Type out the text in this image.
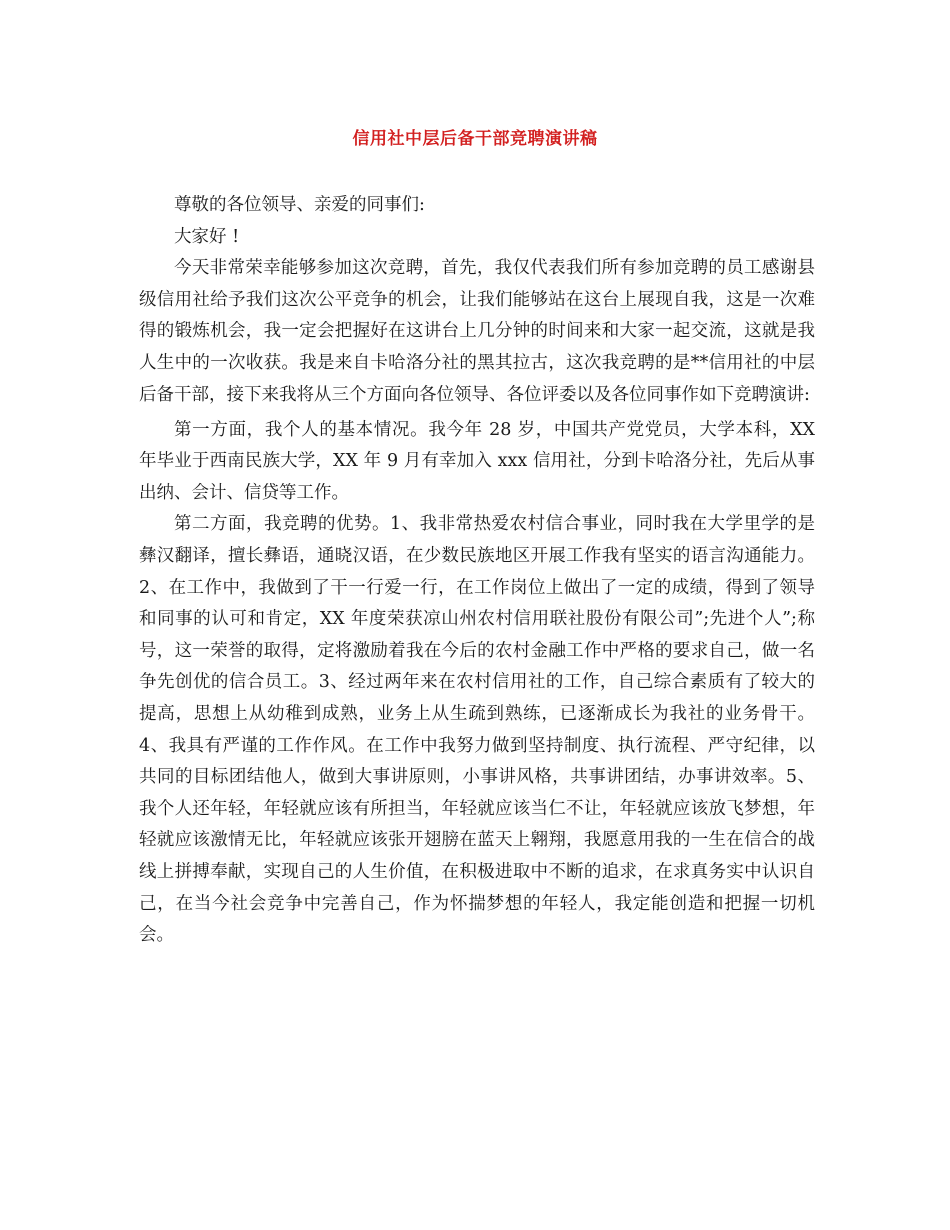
信用社中层后备干部竞聘演讲稿

尊敬的各位领导、亲爱的同事们:

大家好 !

今天非常荣幸能够参加这次竞聘，首先，我仅代表我们所有参加竞聘的员工感谢县级信用社给予我们这次公平竞争的机会，让我们能够站在这台上展现自我，这是一次难得的锻炼机会，我一定会把握好在这讲台上几分钟的时间来和大家一起交流，这就是我人生中的一次收获。我是来自卡哈洛分社的黑其拉古，这次我竞聘的是**信用社的中层后备干部，接下来我将从三个方面向各位领导、各位评委以及各位同事作如下竞聘演讲:

第一方面，我个人的基本情况。我今年 28 岁，中国共产党党员，大学本科，XX 年毕业于西南民族大学，XX 年 9 月有幸加入 xxx 信用社，分到卡哈洛分社，先后从事出纳、会计、信贷等工作。

第二方面，我竞聘的优势。1、我非常热爱农村信合事业，同时我在大学里学的是彝汉翻译，擅长彝语，通晓汉语，在少数民族地区开展工作我有坚实的语言沟通能力。2、在工作中，我做到了干一行爱一行，在工作岗位上做出了一定的成绩，得到了领导和同事的认可和肯定，XX 年度荣获凉山州农村信用联社股份有限公司”;先进个人”;称号，这一荣誉的取得，定将激励着我在今后的农村金融工作中严格的要求自己，做一名争先创优的信合员工。3、经过两年来在农村信用社的工作，自己综合素质有了较大的提高，思想上从幼稚到成熟，业务上从生疏到熟练，已逐渐成长为我社的业务骨干。4、我具有严谨的工作作风。在工作中我努力做到坚持制度、执行流程、严守纪律，以共同的目标团结他人，做到大事讲原则，小事讲风格，共事讲团结，办事讲效率。5、我个人还年轻，年轻就应该有所担当，年轻就应该当仁不让，年轻就应该放飞梦想，年轻就应该激情无比，年轻就应该张开翅膀在蓝天上翱翔，我愿意用我的一生在信合的战线上拼搏奉献，实现自己的人生价值，在积极进取中不断的追求，在求真务实中认识自己，在当今社会竞争中完善自己，作为怀揣梦想的年轻人，我定能创造和把握一切机会。
